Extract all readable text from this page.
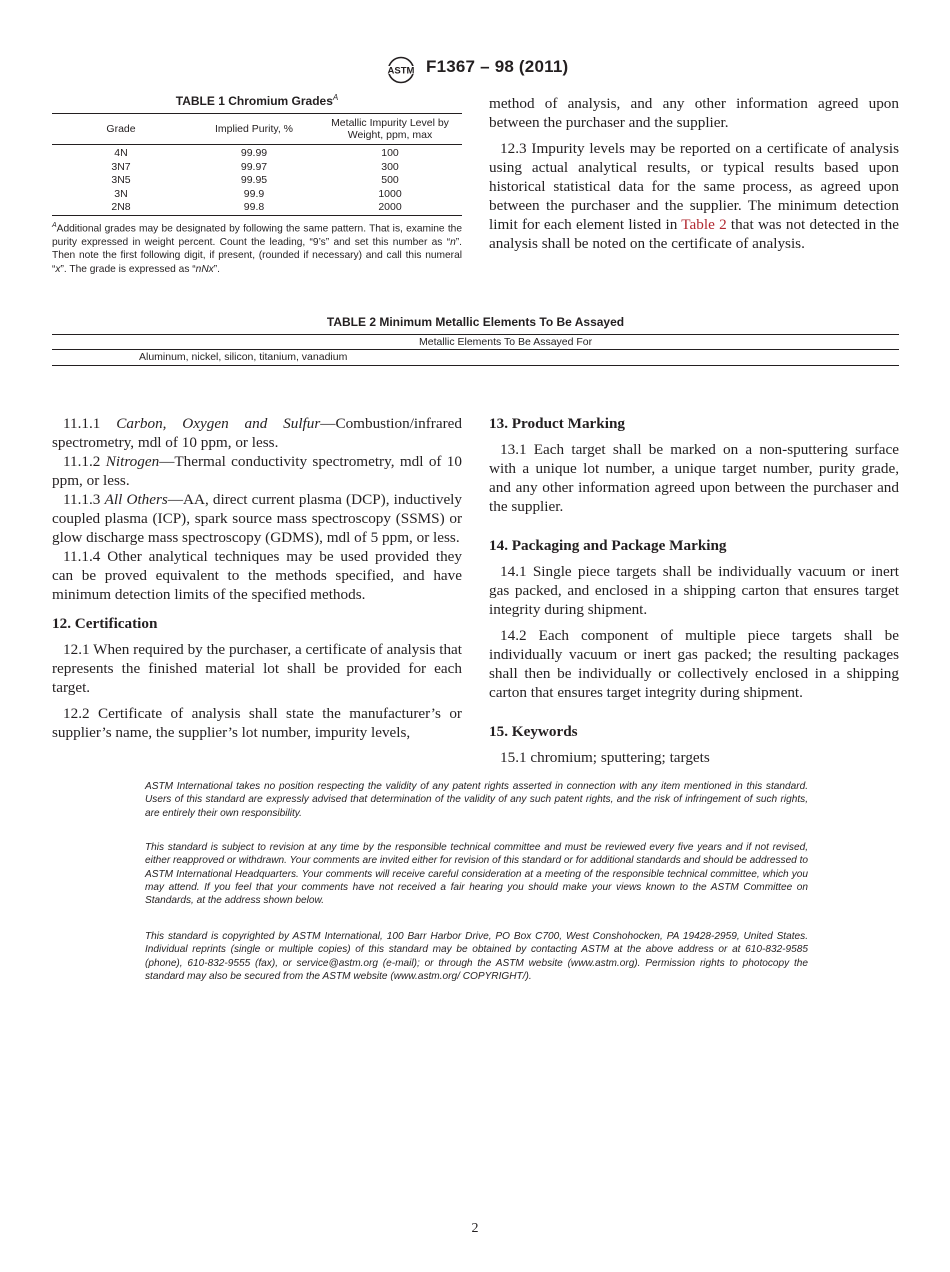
ASTM F1367 – 98 (2011)
TABLE 1 Chromium Grades$^A$
Grade	Implied Purity, %	Metallic Impurity Level by Weight, ppm, max
4N	99.99	100
3N7	99.97	300
3N5	99.95	500
3N	99.9	1000
2N8	99.8	2000
$^A$Additional grades may be designated by following the same pattern. That is, examine the purity expressed in weight percent. Count the leading, “9’s” and set this number as “n”. Then note the first following digit, if present, (rounded if necessary) and call this numeral “x”. The grade is expressed as “nNx”.

method of analysis, and any other information agreed upon between the purchaser and the supplier.

12.3 Impurity levels may be reported on a certificate of analysis using actual analytical results, or typical results based upon historical statistical data for the same process, as agreed upon between the purchaser and the supplier. The minimum detection limit for each element listed in Table 2 that was not detected in the analysis shall be noted on the certificate of analysis.

TABLE 2 Minimum Metallic Elements To Be Assayed
Metallic Elements To Be Assayed For
Aluminum, nickel, silicon, titanium, vanadium

11.1.1 Carbon, Oxygen and Sulfur—Combustion/infrared spectrometry, mdl of 10 ppm, or less.

11.1.2 Nitrogen—Thermal conductivity spectrometry, mdl of 10 ppm, or less.

11.1.3 All Others—AA, direct current plasma (DCP), inductively coupled plasma (ICP), spark source mass spectroscopy (SSMS) or glow discharge mass spectroscopy (GDMS), mdl of 5 ppm, or less.

11.1.4 Other analytical techniques may be used provided they can be proved equivalent to the methods specified, and have minimum detection limits of the specified methods.

12. Certification

12.1 When required by the purchaser, a certificate of analysis that represents the finished material lot shall be provided for each target.

12.2 Certificate of analysis shall state the manufacturer’s or supplier’s name, the supplier’s lot number, impurity levels,

13. Product Marking

13.1 Each target shall be marked on a non-sputtering surface with a unique lot number, a unique target number, purity grade, and any other information agreed upon between the purchaser and the supplier.

14. Packaging and Package Marking

14.1 Single piece targets shall be individually vacuum or inert gas packed, and enclosed in a shipping carton that ensures target integrity during shipment.

14.2 Each component of multiple piece targets shall be individually vacuum or inert gas packed; the resulting packages shall then be individually or collectively enclosed in a shipping carton that ensures target integrity during shipment.

15. Keywords

15.1 chromium; sputtering; targets

ASTM International takes no position respecting the validity of any patent rights asserted in connection with any item mentioned in this standard. Users of this standard are expressly advised that determination of the validity of any such patent rights, and the risk of infringement of such rights, are entirely their own responsibility.
This standard is subject to revision at any time by the responsible technical committee and must be reviewed every five years and if not revised, either reapproved or withdrawn. Your comments are invited either for revision of this standard or for additional standards and should be addressed to ASTM International Headquarters. Your comments will receive careful consideration at a meeting of the responsible technical committee, which you may attend. If you feel that your comments have not received a fair hearing you should make your views known to the ASTM Committee on Standards, at the address shown below.
This standard is copyrighted by ASTM International, 100 Barr Harbor Drive, PO Box C700, West Conshohocken, PA 19428-2959, United States. Individual reprints (single or multiple copies) of this standard may be obtained by contacting ASTM at the above address or at 610-832-9585 (phone), 610-832-9555 (fax), or service@astm.org (e-mail); or through the ASTM website (www.astm.org). Permission rights to photocopy the standard may also be secured from the ASTM website (www.astm.org/ COPYRIGHT/).
2
